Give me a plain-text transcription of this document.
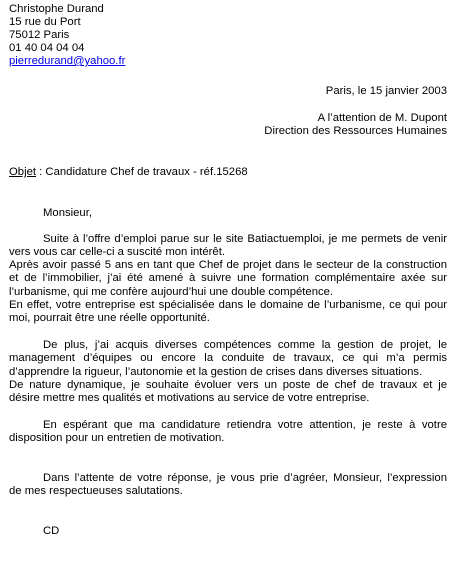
Christophe Durand
15 rue du Port
75012 Paris
01 40 04 04 04
pierredurand@yahoo.fr
Paris, le 15 janvier 2003
A l’attention de M. Dupont
Direction des Ressources Humaines
Objet : Candidature Chef de travaux - réf.15268
Monsieur,
Suite à l’offre d’emploi parue sur le site Batiactuemploi, je me permets de venir
vers vous car celle-ci a suscité mon intérêt.
Après avoir passé 5 ans en tant que Chef de projet dans le secteur de la construction
et de l’immobilier, j’ai été amené à suivre une formation complémentaire axée sur
l’urbanisme, qui me confère aujourd’hui une double compétence.
En effet, votre entreprise est spécialisée dans le domaine de l’urbanisme, ce qui pour
moi, pourrait être une réelle opportunité.
De plus, j’ai acquis diverses compétences comme la gestion de projet, le
management d’équipes ou encore la conduite de travaux, ce qui m’a permis
d’apprendre la rigueur, l’autonomie et la gestion de crises dans diverses situations.
De nature dynamique, je souhaite évoluer vers un poste de chef de travaux et je
désire mettre mes qualités et motivations au service de votre entreprise.
En espérant que ma candidature retiendra votre attention, je reste à votre
disposition pour un entretien de motivation.
Dans l’attente de votre réponse, je vous prie d’agréer, Monsieur, l’expression
de mes respectueuses salutations.
CD
